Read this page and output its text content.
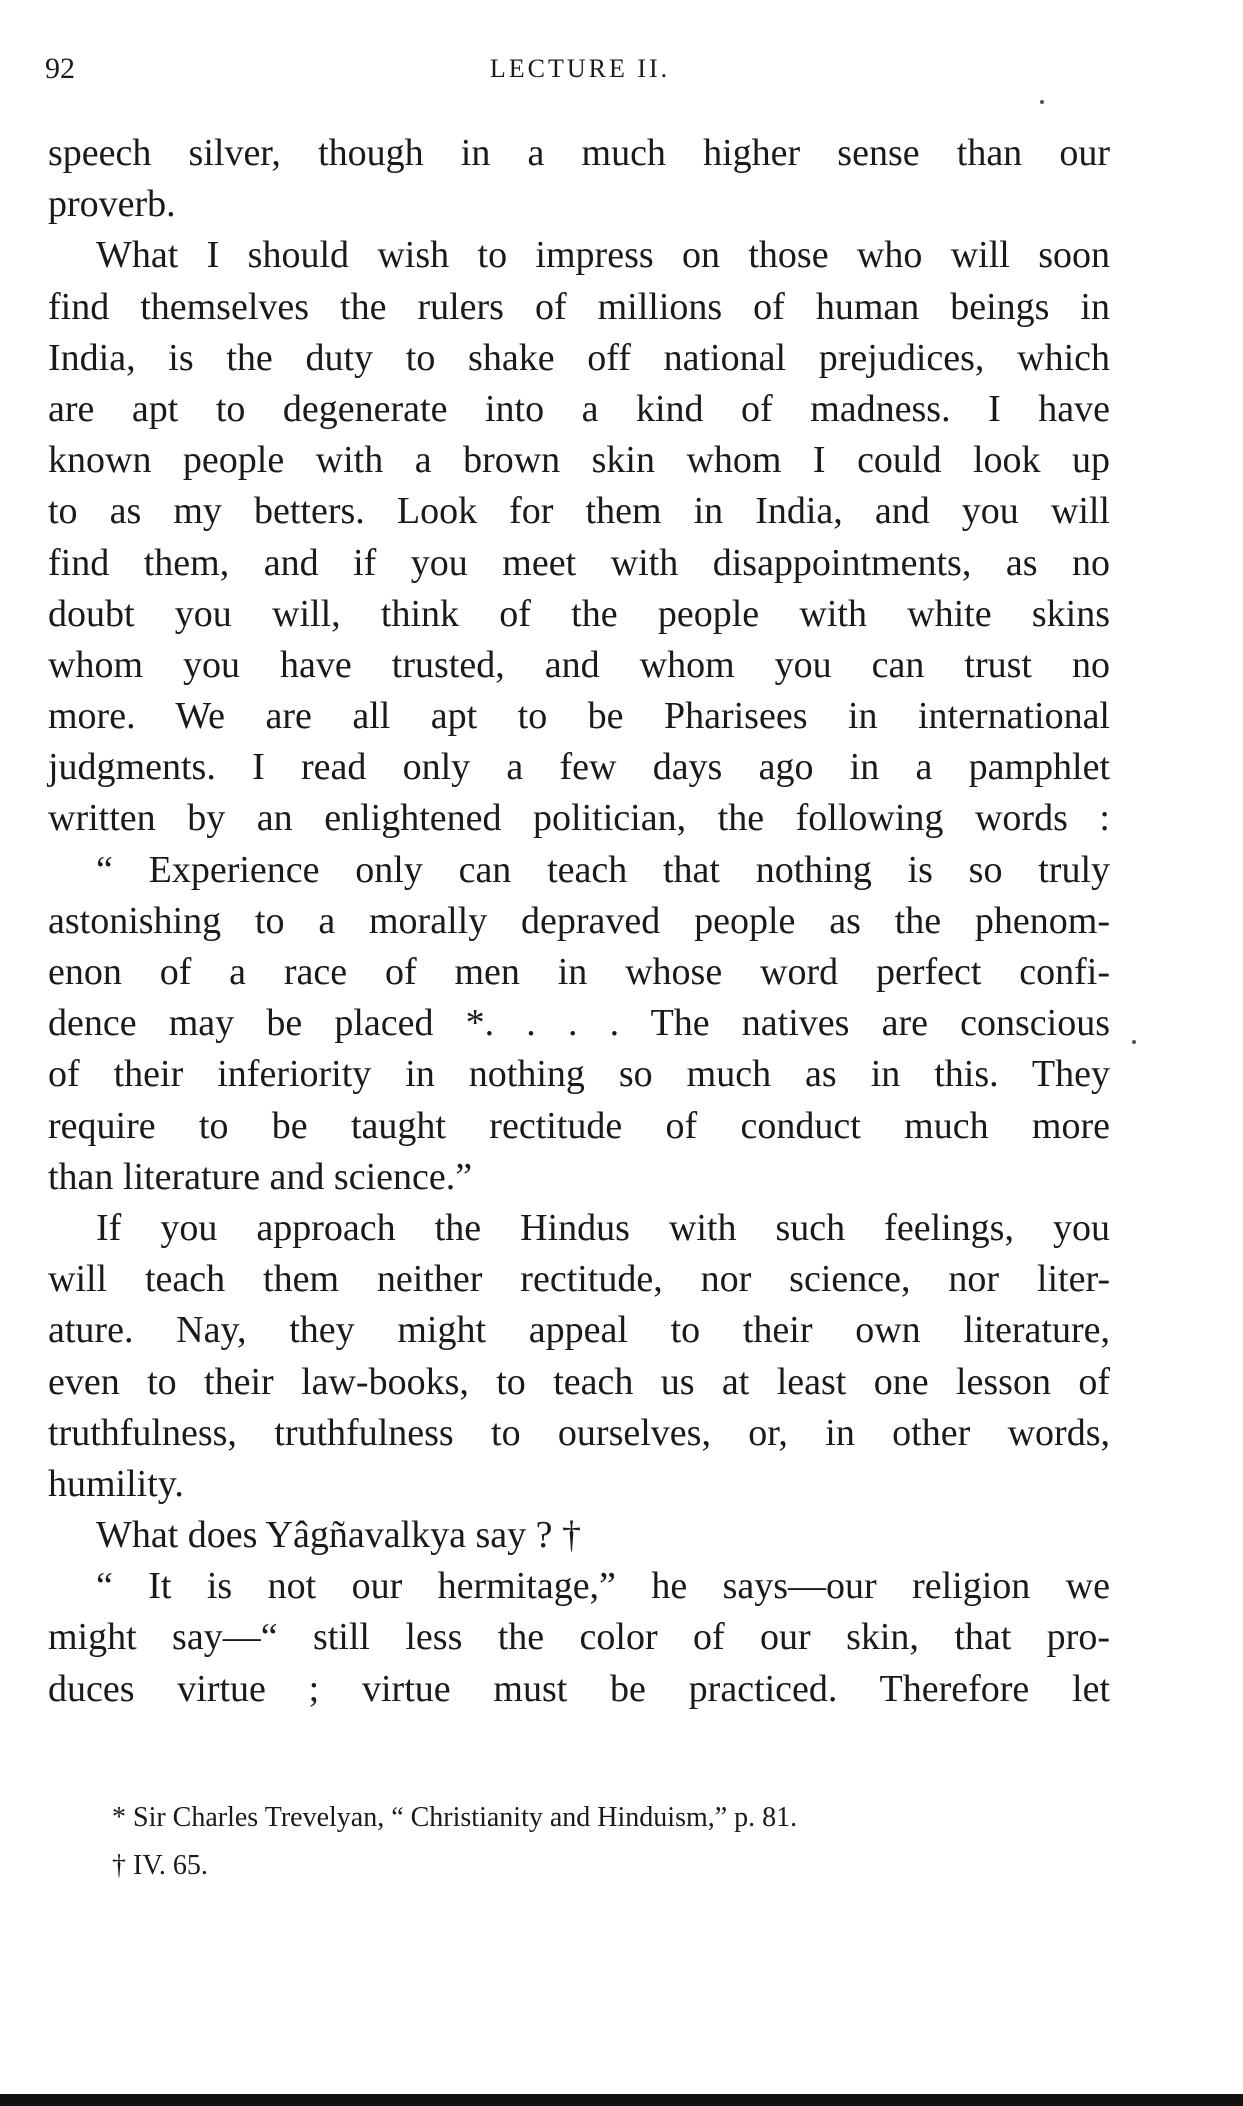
92	LECTURE II.
speech silver, though in a much higher sense than our
proverb.
What I should wish to impress on those who will soon
find themselves the rulers of millions of human beings in
India, is the duty to shake off national prejudices, which
are apt to degenerate into a kind of madness. I have
known people with a brown skin whom I could look up
to as my betters. Look for them in India, and you will
find them, and if you meet with disappointments, as no
doubt you will, think of the people with white skins
whom you have trusted, and whom you can trust no
more. We are all apt to be Pharisees in international
judgments. I read only a few days ago in a pamphlet
written by an enlightened politician, the following words :
“ Experience only can teach that nothing is so truly
astonishing to a morally depraved people as the phenom-
enon of a race of men in whose word perfect confi-
dence may be placed *. . . . The natives are conscious
of their inferiority in nothing so much as in this. They
require to be taught rectitude of conduct much more
than literature and science.”
If you approach the Hindus with such feelings, you
will teach them neither rectitude, nor science, nor liter-
ature. Nay, they might appeal to their own literature,
even to their law-books, to teach us at least one lesson of
truthfulness, truthfulness to ourselves, or, in other words,
humility.
What does Yâgñavalkya say ? †
“ It is not our hermitage,” he says—our religion we
might say—“ still less the color of our skin, that pro-
duces virtue ; virtue must be practiced. Therefore let
* Sir Charles Trevelyan, “ Christianity and Hinduism,” p. 81.
† IV. 65.
